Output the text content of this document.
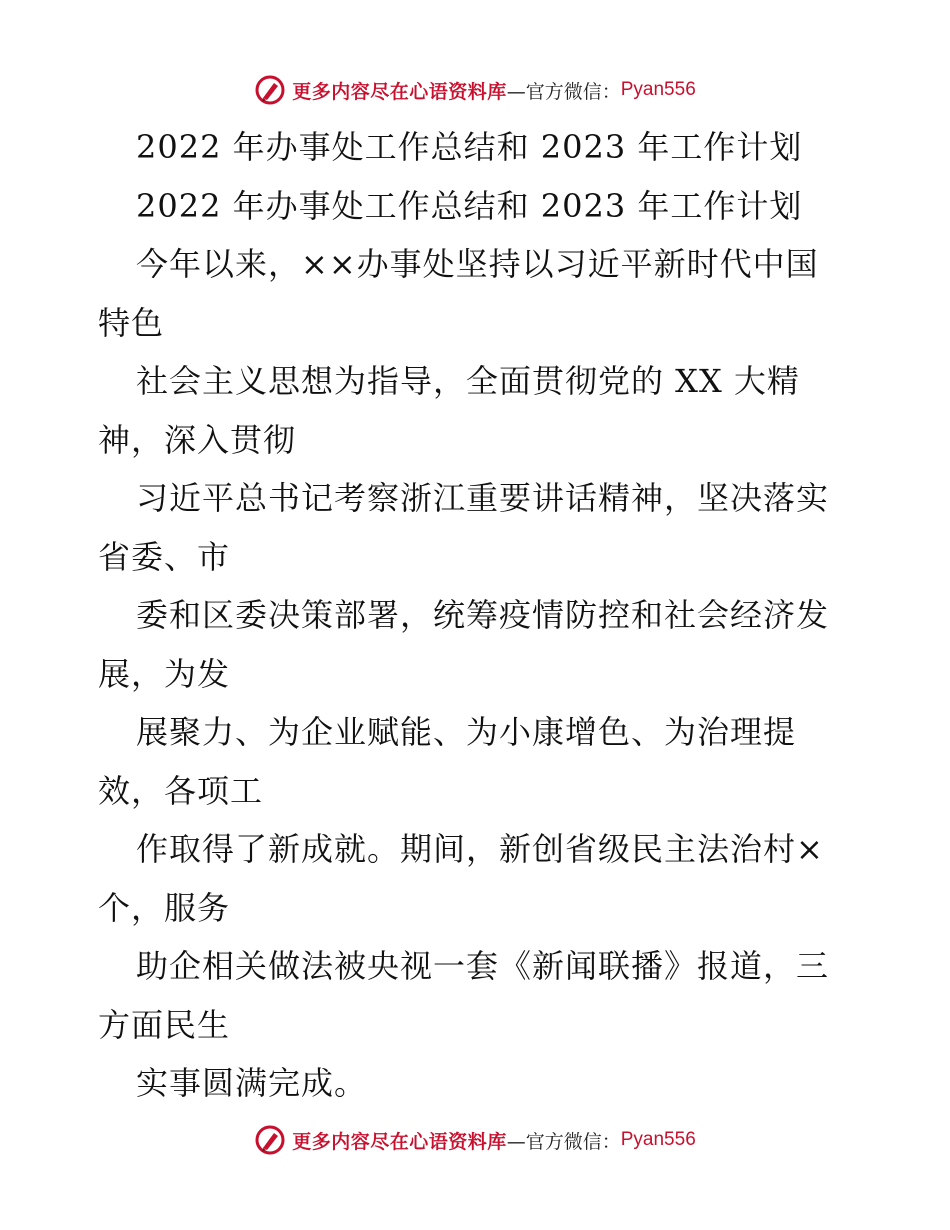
更多内容尽在心语资料库 —官方微信： Pyan556
2022 年办事处工作总结和 2023 年工作计划
2022 年办事处工作总结和 2023 年工作计划
今年以来，××办事处坚持以习近平新时代中国
特色
社会主义思想为指导，全面贯彻党的 XX 大精
神，深入贯彻
习近平总书记考察浙江重要讲话精神，坚决落实
省委、市
委和区委决策部署，统筹疫情防控和社会经济发
展，为发
展聚力、为企业赋能、为小康增色、为治理提
效，各项工
作取得了新成就。期间，新创省级民主法治村×
个，服务
助企相关做法被央视一套《新闻联播》报道，三
方面民生
实事圆满完成。
更多内容尽在心语资料库 —官方微信： Pyan556
